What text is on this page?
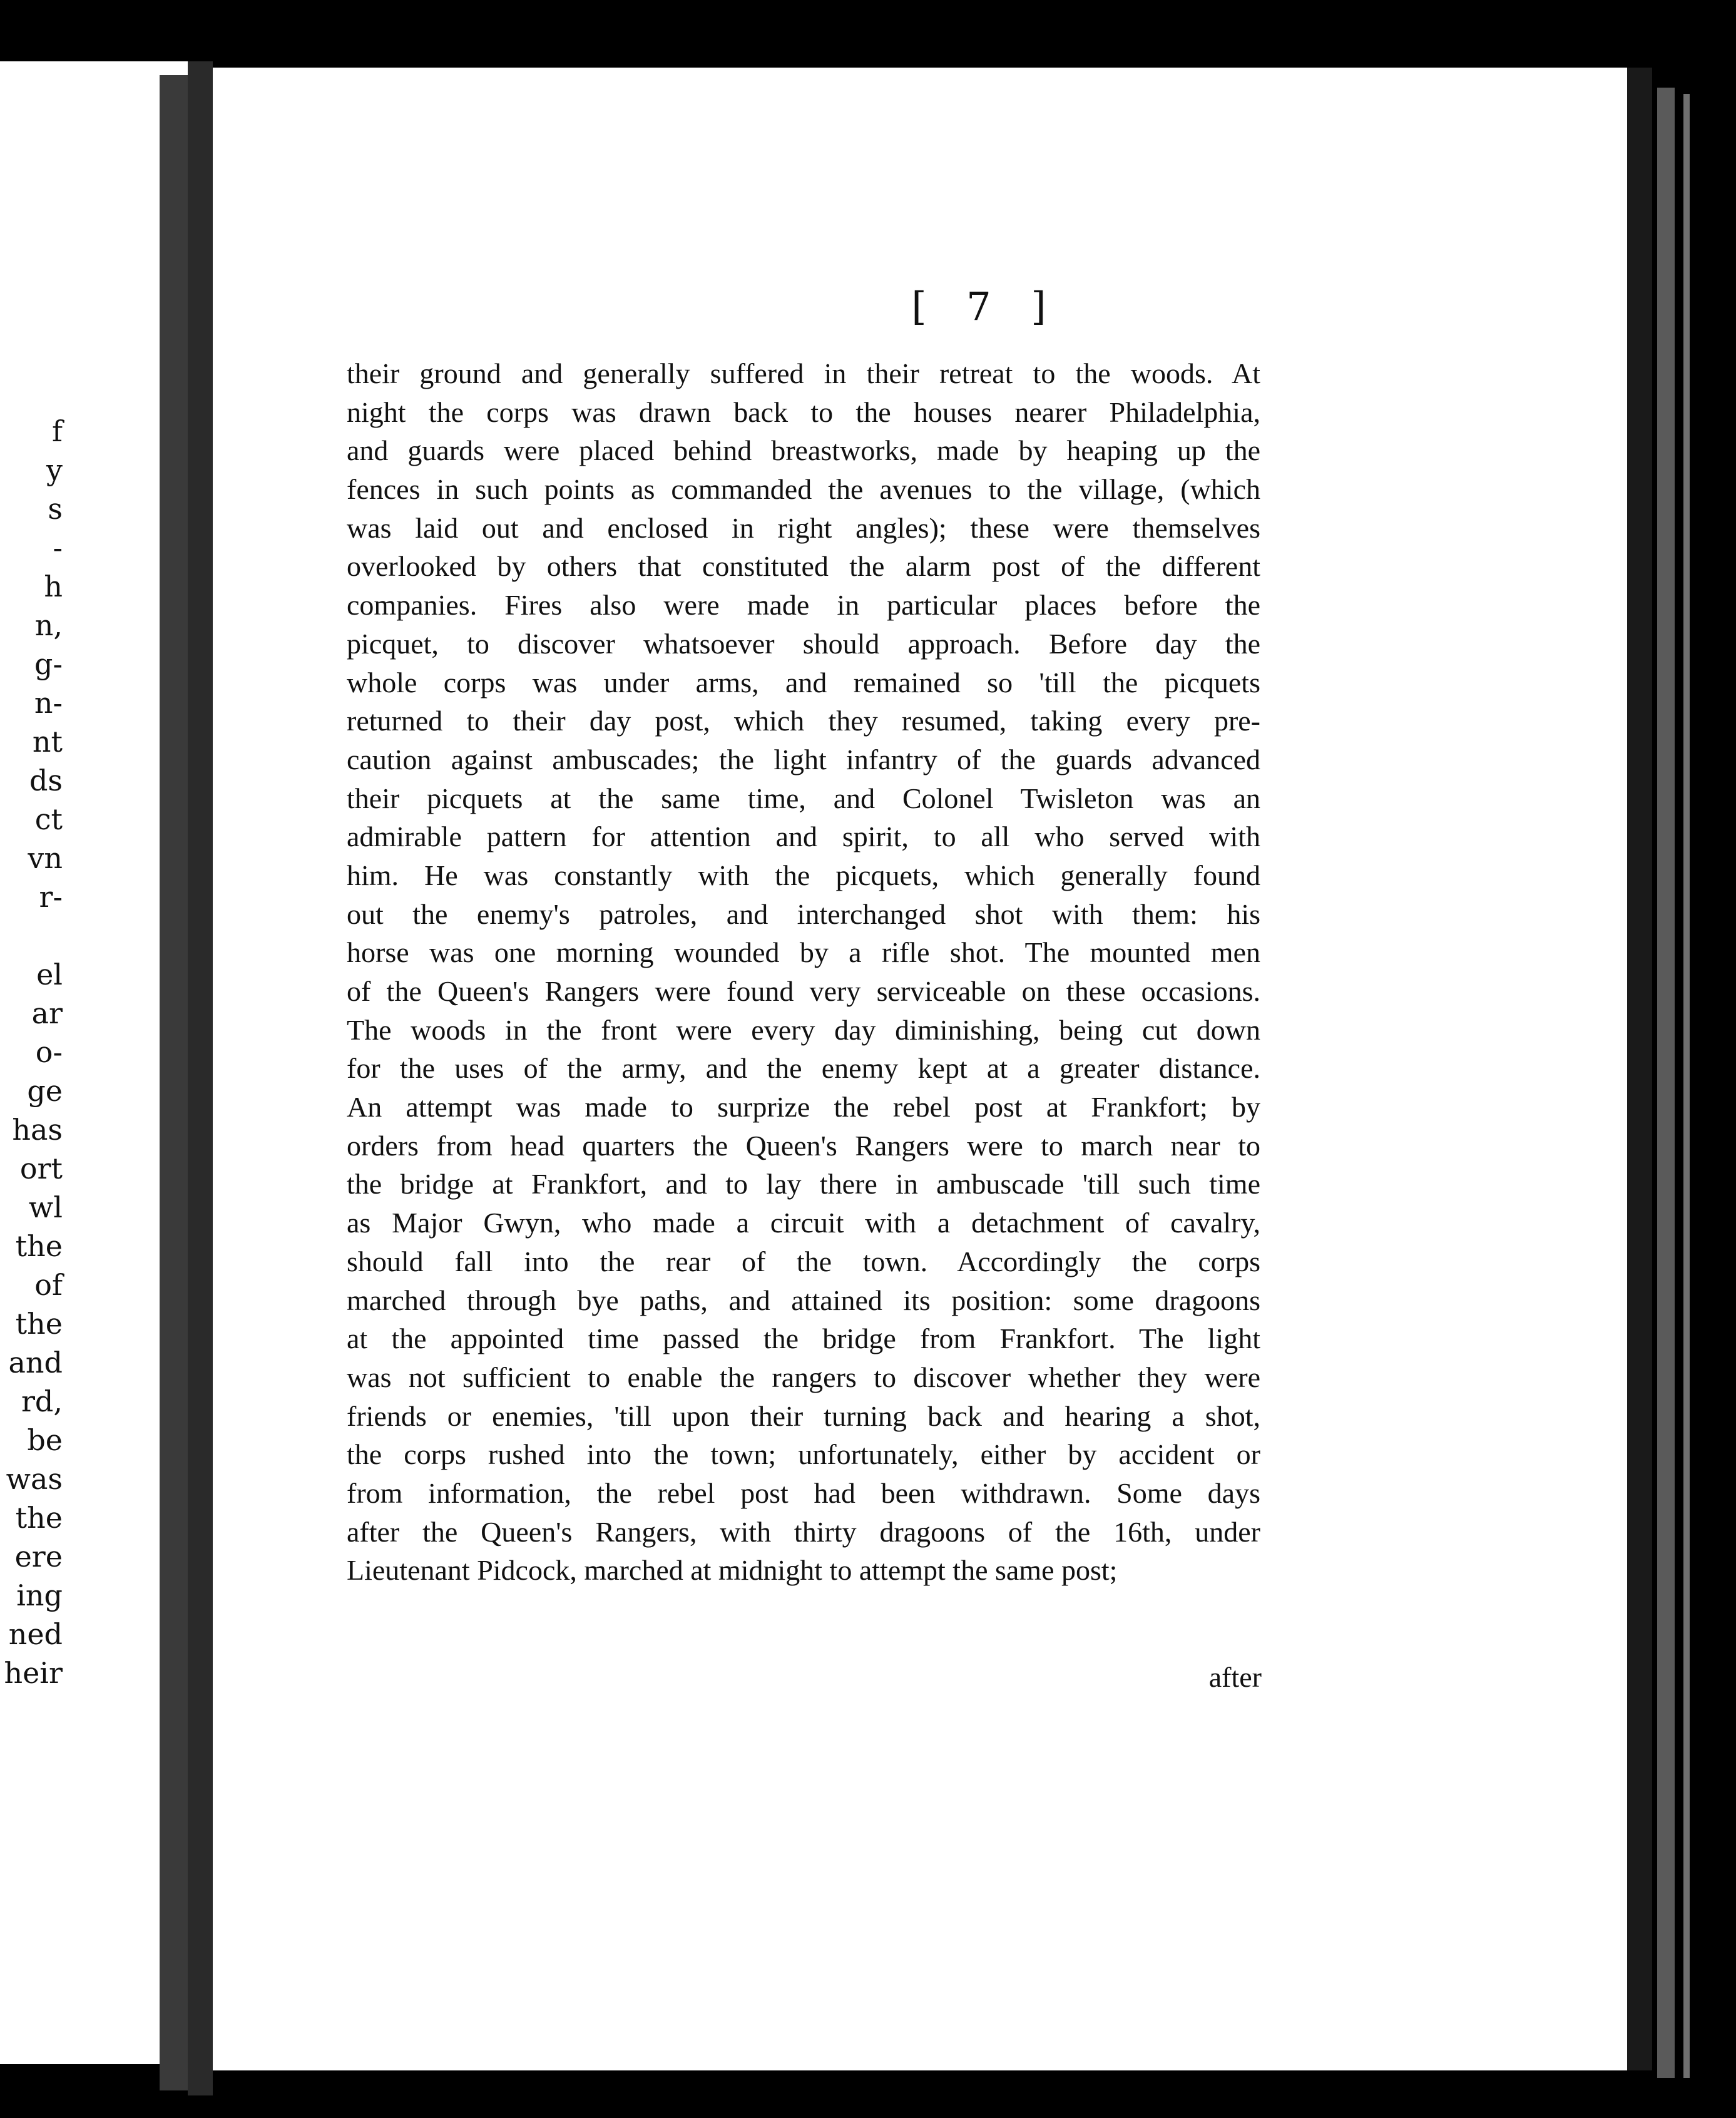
f
y
s
-
h
n,
g-
n-
nt
ds
ct
vn
r-
el
ar
o-
ge
has
ort
wl
the
of
the
and
rd,
be
was
the
ere
ing
ned
heir

[ 7 ]

their ground and generally suffered in their retreat to the woods. At
night the corps was drawn back to the houses nearer Philadelphia,
and guards were placed behind breastworks, made by heaping up the
fences in such points as commanded the avenues to the village, (which
was laid out and enclosed in right angles); these were themselves
overlooked by others that constituted the alarm post of the different
companies. Fires also were made in particular places before the
picquet, to discover whatsoever should approach. Before day the
whole corps was under arms, and remained so 'till the picquets
returned to their day post, which they resumed, taking every pre-
caution against ambuscades; the light infantry of the guards advanced
their picquets at the same time, and Colonel Twisleton was an
admirable pattern for attention and spirit, to all who served with
him. He was constantly with the picquets, which generally found
out the enemy's patroles, and interchanged shot with them: his
horse was one morning wounded by a rifle shot. The mounted men
of the Queen's Rangers were found very serviceable on these occasions.
The woods in the front were every day diminishing, being cut down
for the uses of the army, and the enemy kept at a greater distance.
An attempt was made to surprize the rebel post at Frankfort; by
orders from head quarters the Queen's Rangers were to march near to
the bridge at Frankfort, and to lay there in ambuscade 'till such time
as Major Gwyn, who made a circuit with a detachment of cavalry,
should fall into the rear of the town. Accordingly the corps
marched through bye paths, and attained its position: some dragoons
at the appointed time passed the bridge from Frankfort. The light
was not sufficient to enable the rangers to discover whether they were
friends or enemies, 'till upon their turning back and hearing a shot,
the corps rushed into the town; unfortunately, either by accident or
from information, the rebel post had been withdrawn. Some days
after the Queen's Rangers, with thirty dragoons of the 16th, under
Lieutenant Pidcock, marched at midnight to attempt the same post;

after
